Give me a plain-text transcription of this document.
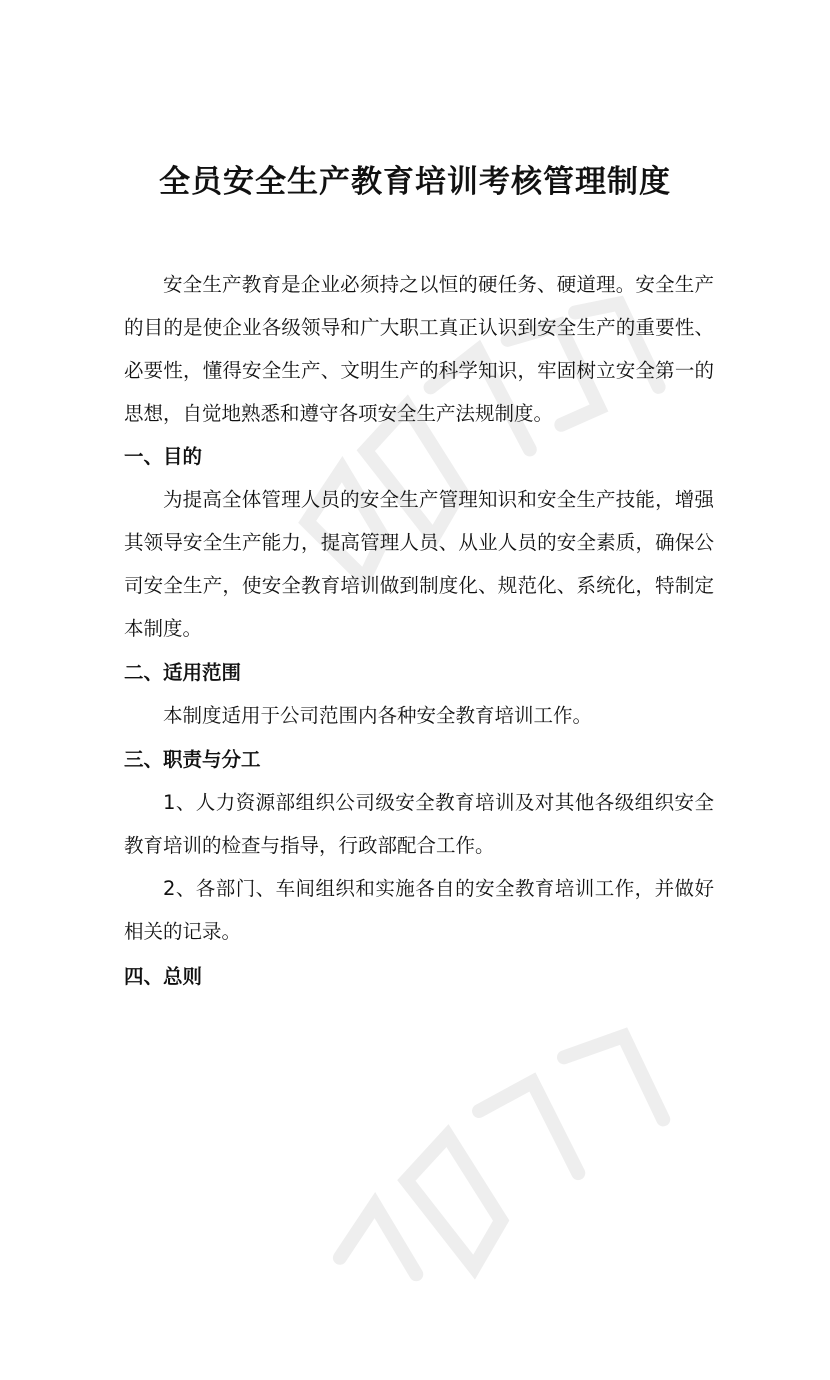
全员安全生产教育培训考核管理制度

安全生产教育是企业必须持之以恒的硬任务、硬道理。安全生产的目的是使企业各级领导和广大职工真正认识到安全生产的重要性、必要性，懂得安全生产、文明生产的科学知识，牢固树立安全第一的思想，自觉地熟悉和遵守各项安全生产法规制度。

一、目的

为提高全体管理人员的安全生产管理知识和安全生产技能，增强其领导安全生产能力，提高管理人员、从业人员的安全素质，确保公司安全生产，使安全教育培训做到制度化、规范化、系统化，特制定本制度。

二、适用范围

本制度适用于公司范围内各种安全教育培训工作。

三、职责与分工

1、人力资源部组织公司级安全教育培训及对其他各级组织安全教育培训的检查与指导，行政部配合工作。

2、各部门、车间组织和实施各自的安全教育培训工作，并做好相关的记录。

四、总则
